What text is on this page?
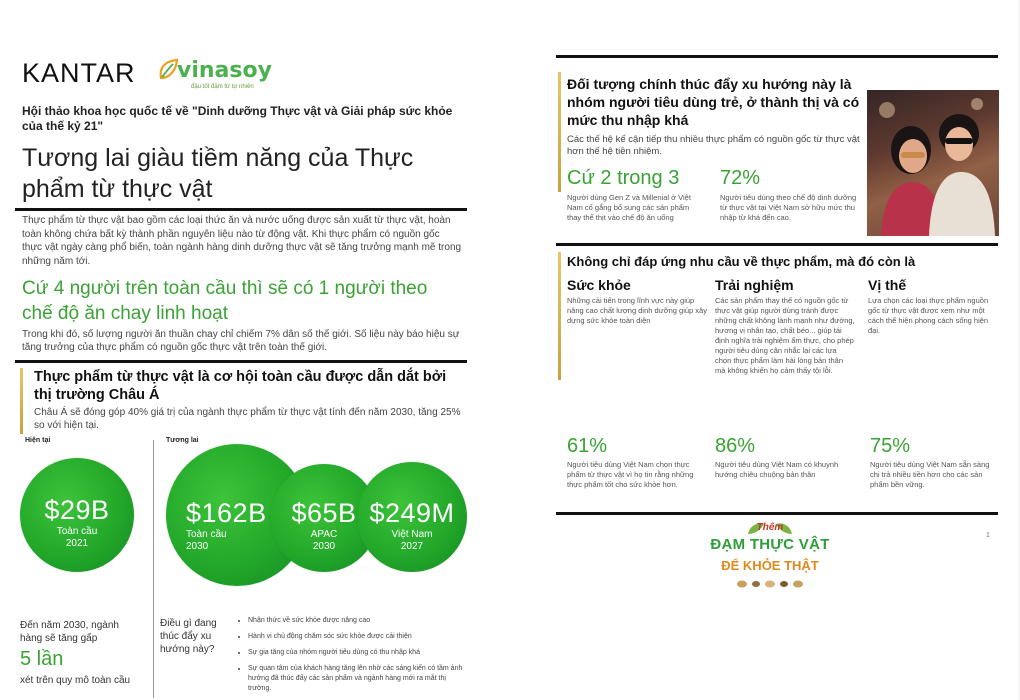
KANTAR vinasoy
đậu tốt đậm từ tự nhiên
Hội thảo khoa học quốc tế về "Dinh dưỡng Thực vật và Giải pháp sức khỏe của thế kỷ 21"
Tương lai giàu tiềm năng của Thực phẩm từ thực vật
Thực phẩm từ thực vật bao gồm các loại thức ăn và nước uống được sản xuất từ thực vật, hoàn toàn không chứa bất kỳ thành phần nguyên liệu nào từ động vật. Khi thực phẩm có nguồn gốc thực vật ngày càng phổ biến, toàn ngành hàng dinh dưỡng thực vật sẽ tăng trưởng mạnh mẽ trong những năm tới.
Cứ 4 người trên toàn cầu thì sẽ có 1 người theo chế độ ăn chay linh hoạt
Trong khi đó, số lượng người ăn thuần chay chỉ chiếm 7% dân số thế giới. Số liệu này báo hiệu sự tăng trưởng của thực phẩm có nguồn gốc thực vật trên toàn thế giới.
Thực phẩm từ thực vật là cơ hội toàn cầu được dẫn dắt bởi thị trường Châu Á
Châu Á sẽ đóng góp 40% giá trị của ngành thực phẩm từ thực vật tính đến năm 2030, tăng 25% so với hiện tại.
Hiện tại	Tương lai
$29B
Toàn cầu
2021
$162B
Toàn cầu
2030
$65B
APAC
2030
$249M
Việt Nam
2027
Đến năm 2030, ngành hàng sẽ tăng gấp
5 lần
xét trên quy mô toàn cầu
Điều gì đang thúc đẩy xu hướng này?
• Nhận thức về sức khỏe được nâng cao
• Hành vi chủ động chăm sóc sức khỏe được cải thiện
• Sự gia tăng của nhóm người tiêu dùng có thu nhập khá
• Sự quan tâm của khách hàng tăng lên nhờ các sáng kiến có tầm ảnh hưởng đã thúc đẩy các sản phẩm và ngành hàng mới ra mắt thị trường.
Đối tượng chính thúc đẩy xu hướng này là nhóm người tiêu dùng trẻ, ở thành thị và có mức thu nhập khá
Các thế hệ kế cận tiếp thu nhiều thực phẩm có nguồn gốc từ thực vật hơn thế hệ tiền nhiệm.
Cứ 2 trong 3
Người dùng Gen Z và Millenial ở Việt Nam cố gắng bổ sung các sản phẩm thay thế thịt vào chế độ ăn uống
72%
Người tiêu dùng theo chế độ dinh dưỡng từ thực vật tại Việt Nam sở hữu mức thu nhập từ khá đến cao.
Không chỉ đáp ứng nhu cầu về thực phẩm, mà đó còn là
Sức khỏe
Những cải tiến trong lĩnh vực này giúp nâng cao chất lượng dinh dưỡng giúp xây dựng sức khỏe toàn diện
Trải nghiệm
Các sản phẩm thay thế có nguồn gốc từ thực vật giúp người dùng tránh được những chất không lành mạnh như đường, hương vị nhân tạo, chất béo... giúp tái định nghĩa trải nghiệm ẩm thực, cho phép người tiêu dùng cân nhắc lại các lựa chọn thực phẩm làm hài lòng bản thân mà không khiến họ cảm thấy tội lỗi.
Vị thế
Lựa chọn các loại thực phẩm nguồn gốc từ thực vật được xem như một cách thể hiện phong cách sống hiện đại.
61%
Người tiêu dùng Việt Nam chọn thực phẩm từ thực vật vì họ tin rằng những thực phẩm tốt cho sức khỏe hơn.
86%
Người tiêu dùng Việt Nam có khuynh hướng chiêu chuộng bản thân
75%
Người tiêu dùng Việt Nam sẵn sàng chi trả nhiều tiền hơn cho các sản phẩm bền vững.
1
Thêm
ĐẠM THỰC VẬT
ĐỂ KHỎE THẬT
